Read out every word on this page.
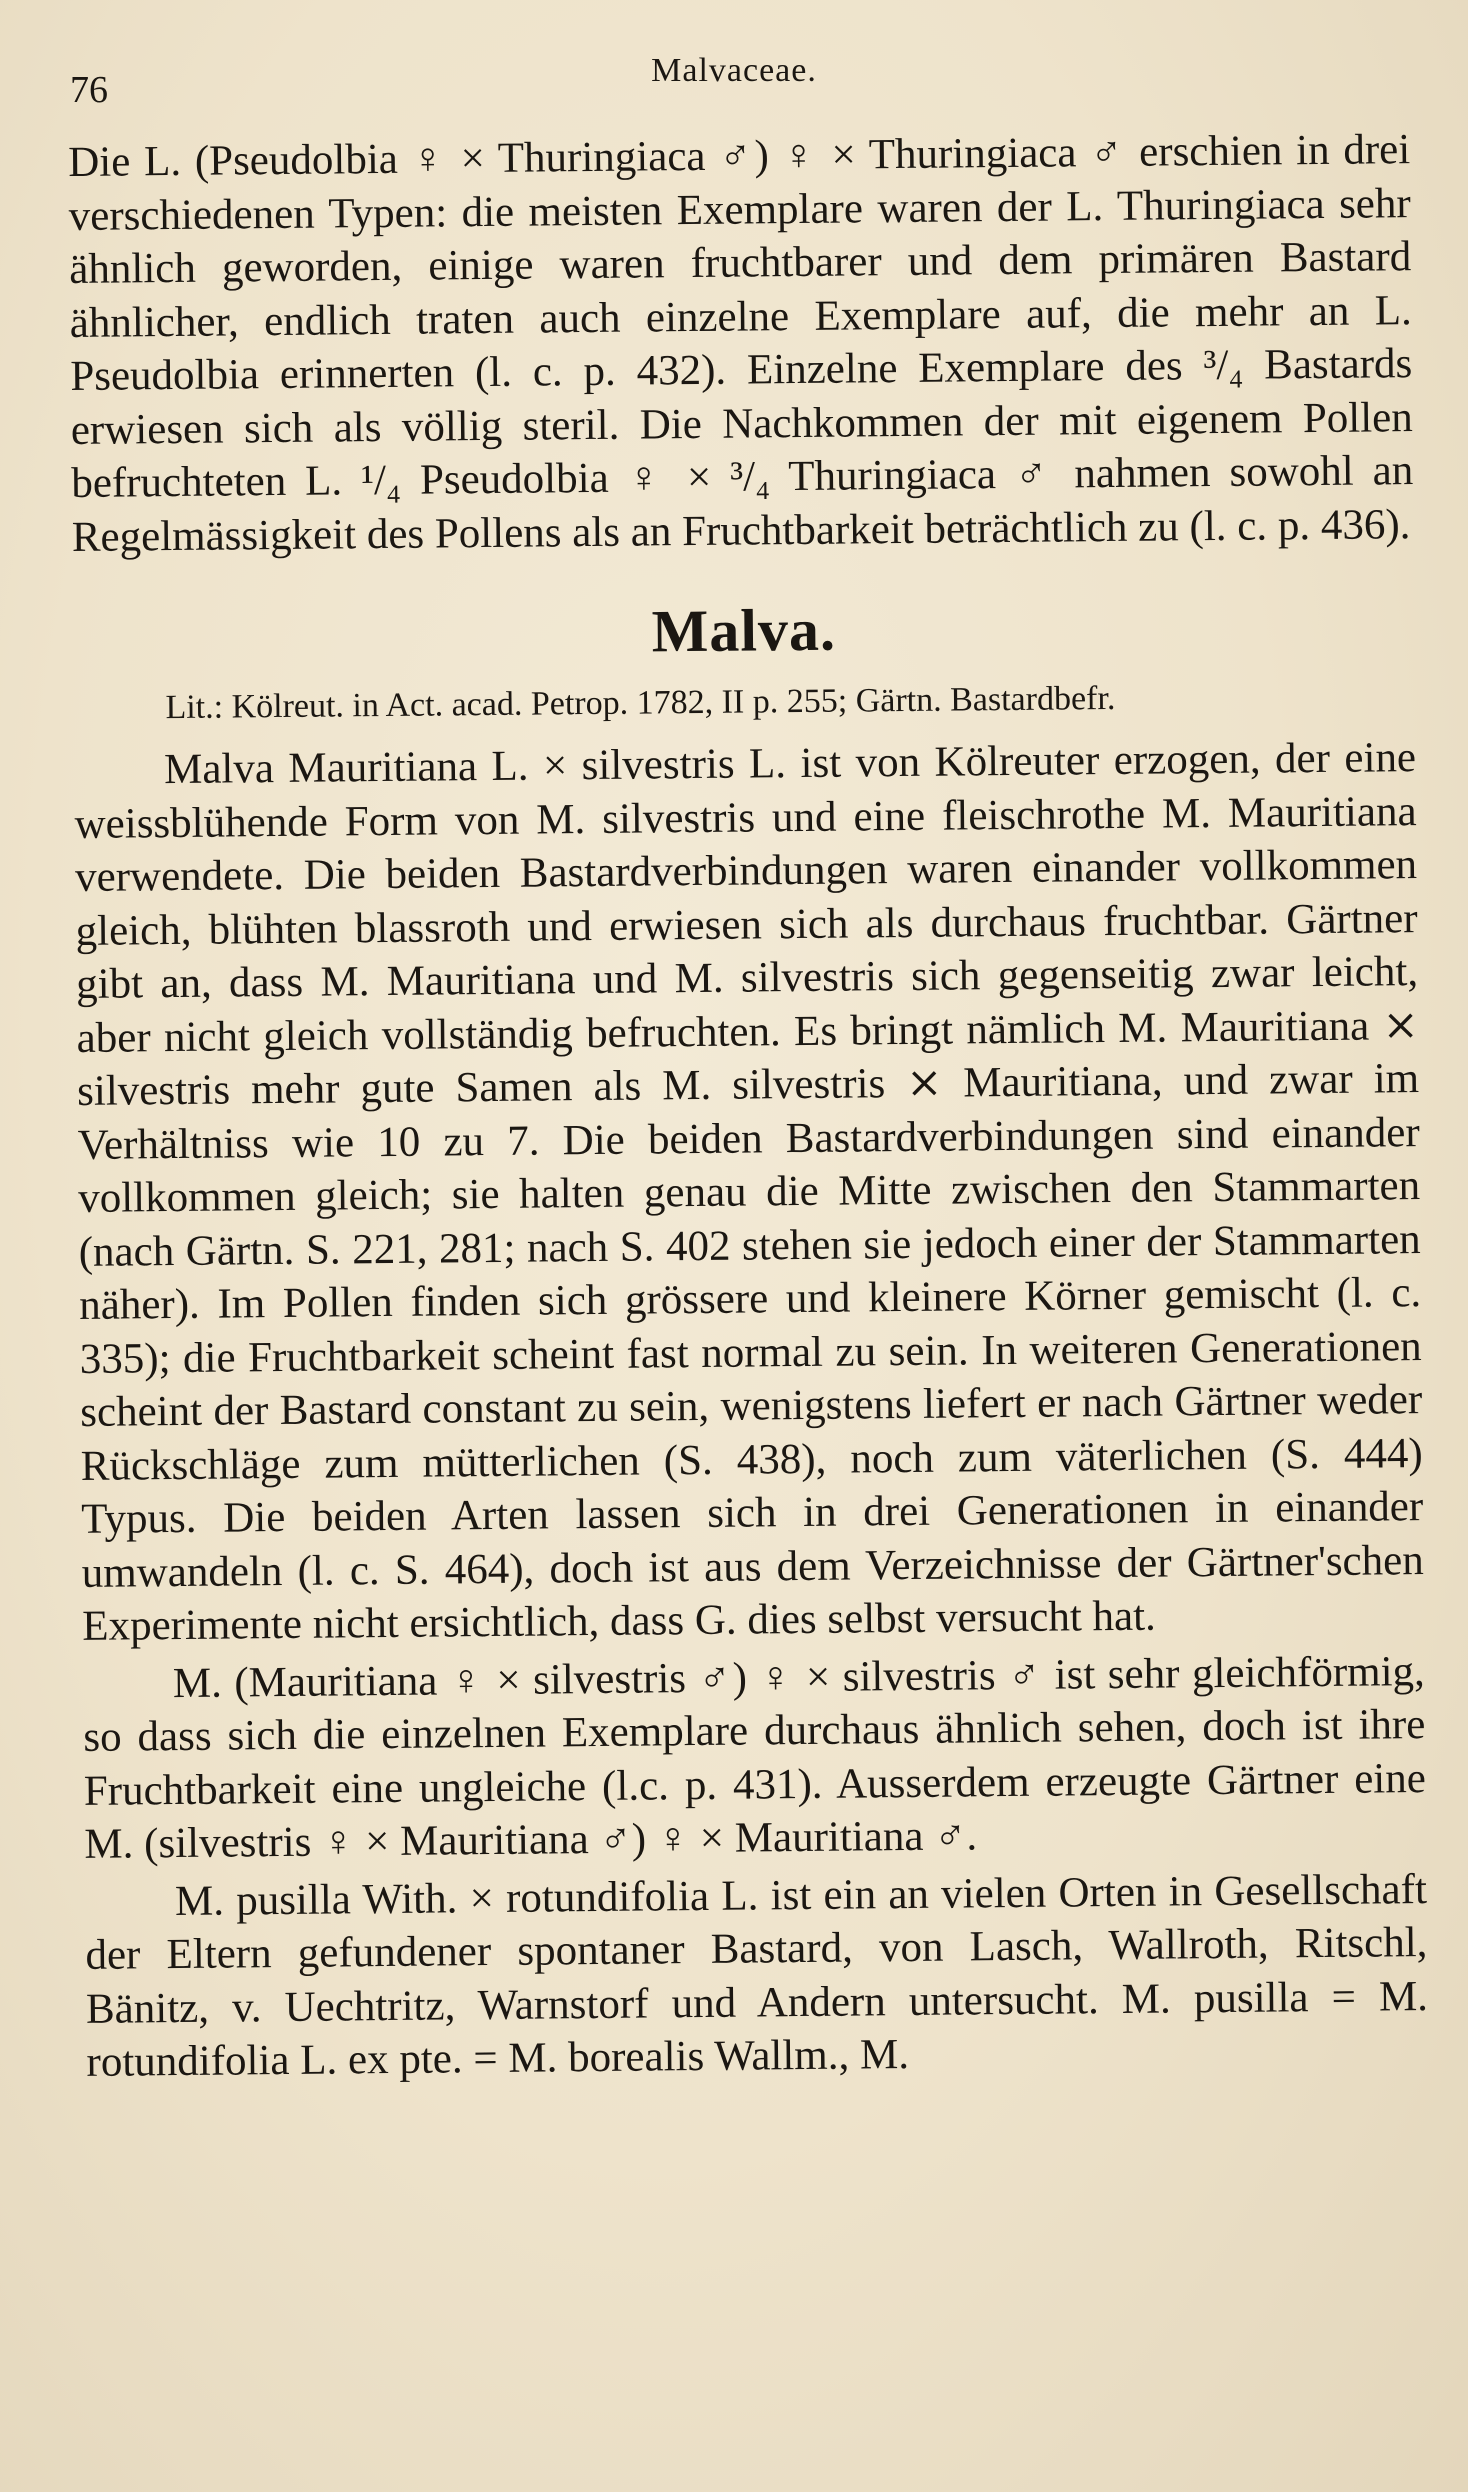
76	Malvaceae.

Die L. (Pseudolbia ♀ × Thuringiaca ♂) ♀ × Thuringiaca ♂ erschien in drei verschiedenen Typen: die meisten Exemplare waren der L. Thuringiaca sehr ähnlich geworden, einige waren fruchtbarer und dem primären Bastard ähnlicher, endlich traten auch einzelne Exemplare auf, die mehr an L. Pseudolbia erinnerten (l. c. p. 432). Einzelne Exemplare des ³/₄ Bastards erwiesen sich als völlig steril. Die Nachkommen der mit eigenem Pollen befruchteten L. ¹/₄ Pseudolbia ♀ × ³/₄ Thuringiaca ♂ nahmen sowohl an Regelmässigkeit des Pollens als an Fruchtbarkeit beträchtlich zu (l. c. p. 436).

Malva.
Lit.: Kölreut. in Act. acad. Petrop. 1782, II p. 255; Gärtn. Bastardbefr.

Malva Mauritiana L. × silvestris L. ist von Kölreuter erzogen, der eine weissblühende Form von M. silvestris und eine fleischrothe M. Mauritiana verwendete. Die beiden Bastardverbindungen waren einander vollkommen gleich, blühten blassroth und erwiesen sich als durchaus fruchtbar. Gärtner gibt an, dass M. Mauritiana und M. silvestris sich gegenseitig zwar leicht, aber nicht gleich vollständig befruchten. Es bringt nämlich M. Mauritiana ⨯ silvestris mehr gute Samen als M. silvestris ⨯ Mauritiana, und zwar im Verhältniss wie 10 zu 7. Die beiden Bastardverbindungen sind einander vollkommen gleich; sie halten genau die Mitte zwischen den Stammarten (nach Gärtn. S. 221, 281; nach S. 402 stehen sie jedoch einer der Stammarten näher). Im Pollen finden sich grössere und kleinere Körner gemischt (l. c. 335); die Fruchtbarkeit scheint fast normal zu sein. In weiteren Generationen scheint der Bastard constant zu sein, wenigstens liefert er nach Gärtner weder Rückschläge zum mütterlichen (S. 438), noch zum väterlichen (S. 444) Typus. Die beiden Arten lassen sich in drei Generationen in einander umwandeln (l. c. S. 464), doch ist aus dem Verzeichnisse der Gärtner'schen Experimente nicht ersichtlich, dass G. dies selbst versucht hat.

M. (Mauritiana ♀ × silvestris ♂) ♀ × silvestris ♂ ist sehr gleichförmig, so dass sich die einzelnen Exemplare durchaus ähnlich sehen, doch ist ihre Fruchtbarkeit eine ungleiche (l.c. p. 431). Ausserdem erzeugte Gärtner eine M. (silvestris ♀ × Mauritiana ♂) ♀ × Mauritiana ♂.

M. pusilla With. × rotundifolia L. ist ein an vielen Orten in Gesellschaft der Eltern gefundener spontaner Bastard, von Lasch, Wallroth, Ritschl, Bänitz, v. Uechtritz, Warnstorf und Andern untersucht. M. pusilla = M. rotundifolia L. ex pte. = M. borealis Wallm., M.
